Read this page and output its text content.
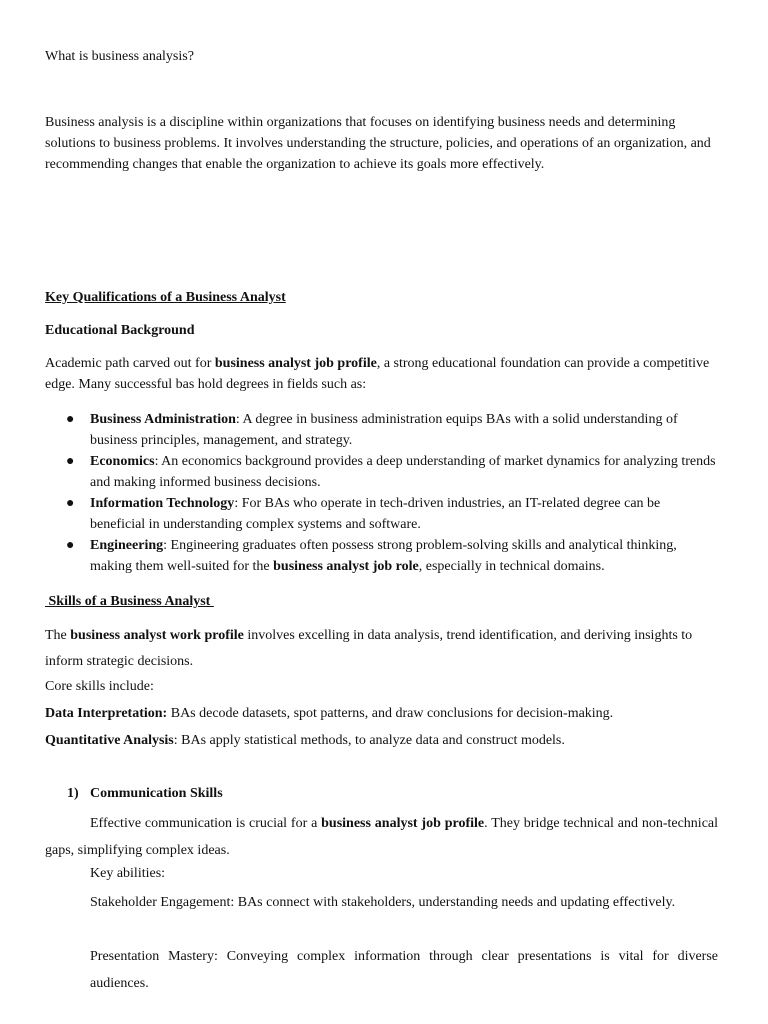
What is business analysis?

Business analysis is a discipline within organizations that focuses on identifying business needs and determining solutions to business problems. It involves understanding the structure, policies, and operations of an organization, and recommending changes that enable the organization to achieve its goals more effectively.

Key Qualifications of a Business Analyst

Educational Background

Academic path carved out for business analyst job profile, a strong educational foundation can provide a competitive edge. Many successful bas hold degrees in fields such as:

● Business Administration: A degree in business administration equips BAs with a solid understanding of business principles, management, and strategy.
● Economics: An economics background provides a deep understanding of market dynamics for analyzing trends and making informed business decisions.
● Information Technology: For BAs who operate in tech-driven industries, an IT-related degree can be beneficial in understanding complex systems and software.
● Engineering: Engineering graduates often possess strong problem-solving skills and analytical thinking, making them well-suited for the business analyst job role, especially in technical domains.

Skills of a Business Analyst

The business analyst work profile involves excelling in data analysis, trend identification, and deriving insights to inform strategic decisions.

Core skills include:

Data Interpretation: BAs decode datasets, spot patterns, and draw conclusions for decision-making.

Quantitative Analysis: BAs apply statistical methods, to analyze data and construct models.

1) Communication Skills

Effective communication is crucial for a business analyst job profile. They bridge technical and non-technical gaps, simplifying complex ideas.

Key abilities:

Stakeholder Engagement: BAs connect with stakeholders, understanding needs and updating effectively.

Presentation Mastery: Conveying complex information through clear presentations is vital for diverse audiences.
